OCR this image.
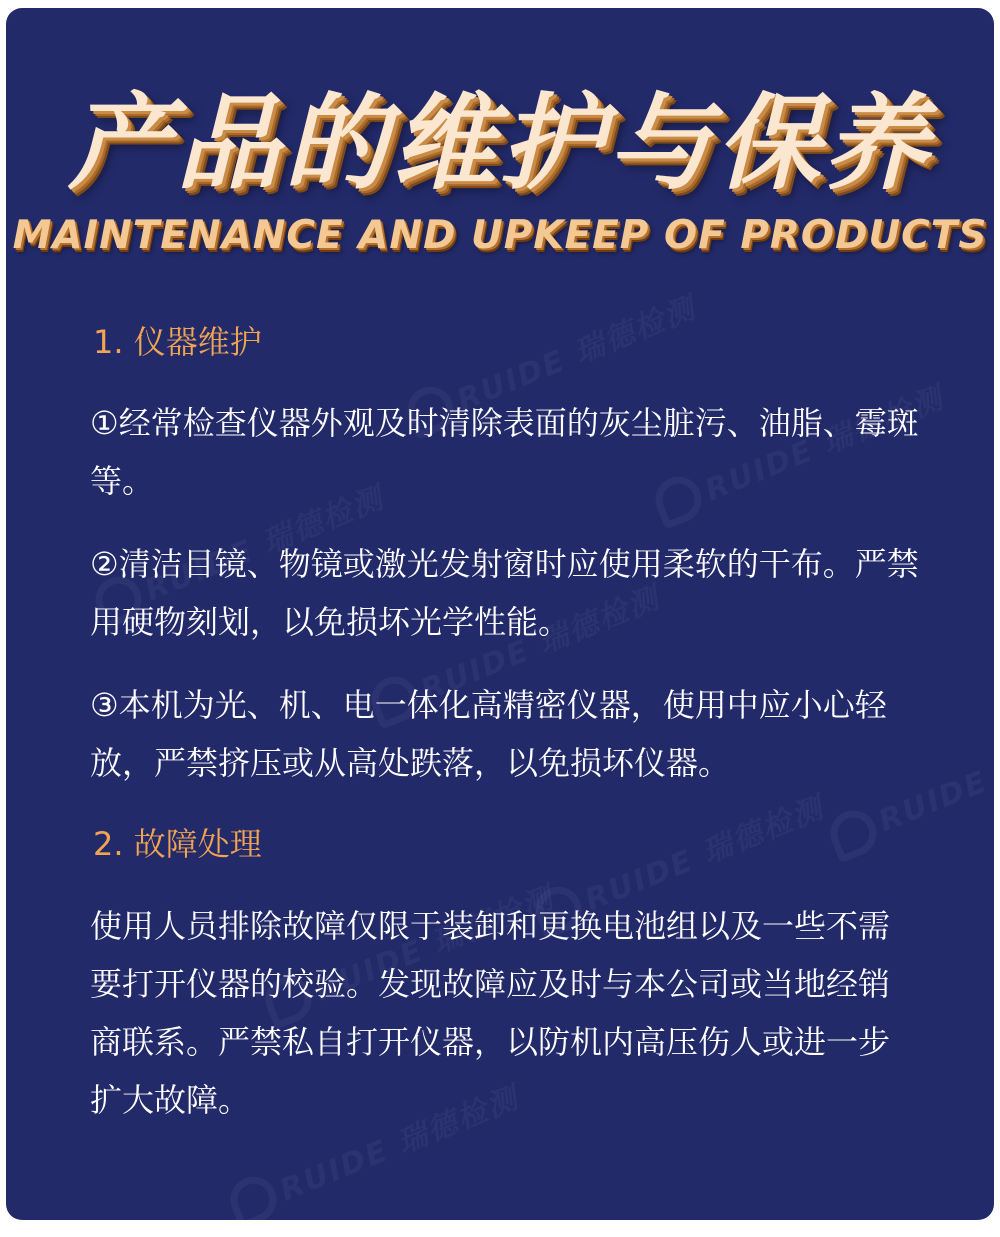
产品的维护与保养
MAINTENANCE AND UPKEEP OF PRODUCTS
1. 仪器维护
①经常检查仪器外观及时清除表面的灰尘脏污、油脂、霉斑等。
②清洁目镜、物镜或激光发射窗时应使用柔软的干布。严禁用硬物刻划，以免损坏光学性能。
③本机为光、机、电一体化高精密仪器，使用中应小心轻放，严禁挤压或从高处跌落，以免损坏仪器。
2. 故障处理
使用人员排除故障仅限于装卸和更换电池组以及一些不需要打开仪器的校验。发现故障应及时与本公司或当地经销商联系。严禁私自打开仪器，以防机内高压伤人或进一步扩大故障。
